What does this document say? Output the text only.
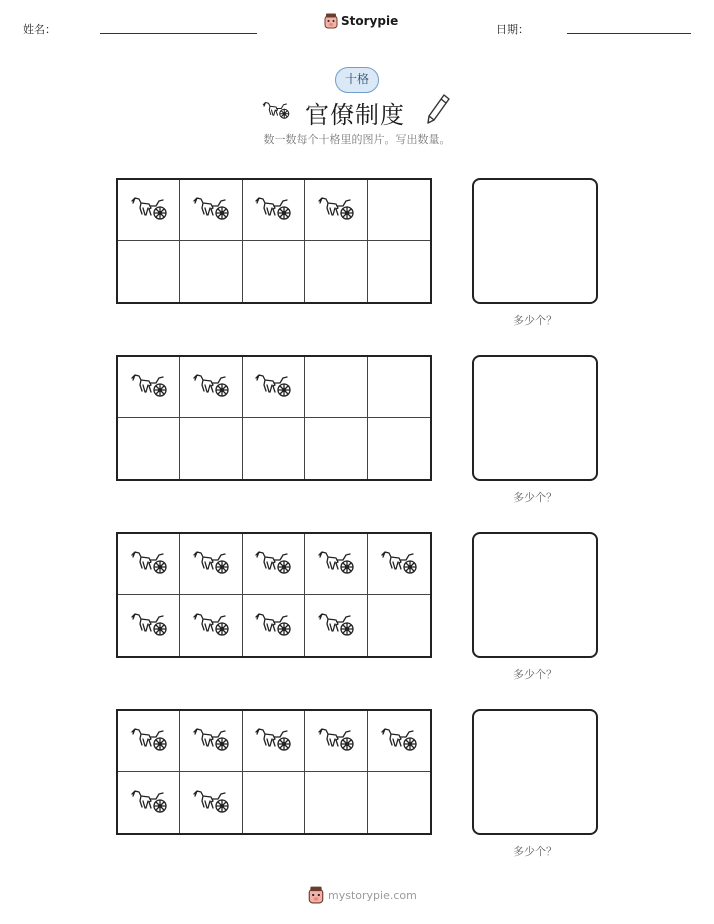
姓名：
Storypie
日期：
十格
官僚制度
数一数每个十格里的图片。写出数量。
多少个？
多少个？
多少个？
多少个？
mystorypie.com
